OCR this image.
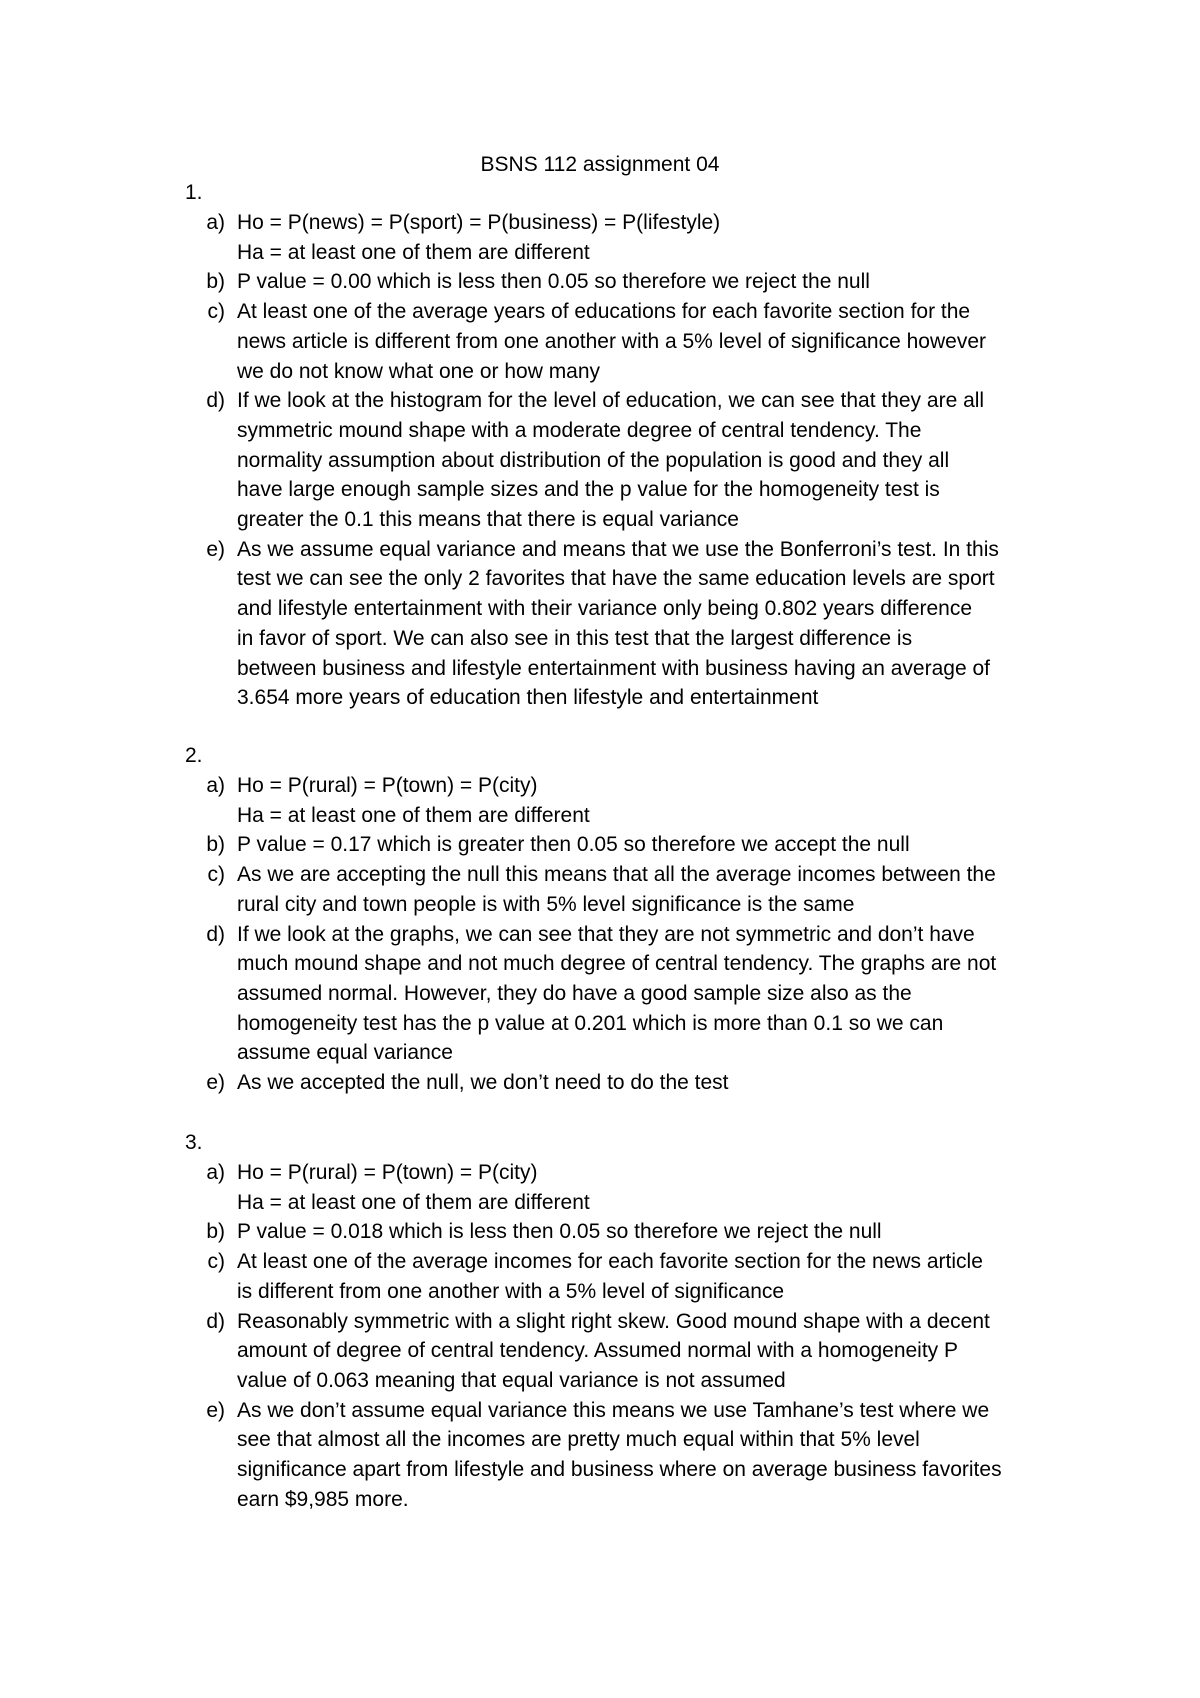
BSNS 112 assignment 04
1.
a) Ho = P(news) = P(sport) = P(business) = P(lifestyle)
Ha = at least one of them are different
b) P value = 0.00 which is less then 0.05 so therefore we reject the null
c) At least one of the average years of educations for each favorite section for the
news article is different from one another with a 5% level of significance however
we do not know what one or how many
d) If we look at the histogram for the level of education, we can see that they are all
symmetric mound shape with a moderate degree of central tendency. The
normality assumption about distribution of the population is good and they all
have large enough sample sizes and the p value for the homogeneity test is
greater the 0.1 this means that there is equal variance
e) As we assume equal variance and means that we use the Bonferroni’s test. In this
test we can see the only 2 favorites that have the same education levels are sport
and lifestyle entertainment with their variance only being 0.802 years difference
in favor of sport. We can also see in this test that the largest difference is
between business and lifestyle entertainment with business having an average of
3.654 more years of education then lifestyle and entertainment
2.
a) Ho = P(rural) = P(town) = P(city)
Ha = at least one of them are different
b) P value = 0.17 which is greater then 0.05 so therefore we accept the null
c) As we are accepting the null this means that all the average incomes between the
rural city and town people is with 5% level significance is the same
d) If we look at the graphs, we can see that they are not symmetric and don’t have
much mound shape and not much degree of central tendency. The graphs are not
assumed normal. However, they do have a good sample size also as the
homogeneity test has the p value at 0.201 which is more than 0.1 so we can
assume equal variance
e) As we accepted the null, we don’t need to do the test
3.
a) Ho = P(rural) = P(town) = P(city)
Ha = at least one of them are different
b) P value = 0.018 which is less then 0.05 so therefore we reject the null
c) At least one of the average incomes for each favorite section for the news article
is different from one another with a 5% level of significance
d) Reasonably symmetric with a slight right skew. Good mound shape with a decent
amount of degree of central tendency. Assumed normal with a homogeneity P
value of 0.063 meaning that equal variance is not assumed
e) As we don’t assume equal variance this means we use Tamhane’s test where we
see that almost all the incomes are pretty much equal within that 5% level
significance apart from lifestyle and business where on average business favorites
earn $9,985 more.
